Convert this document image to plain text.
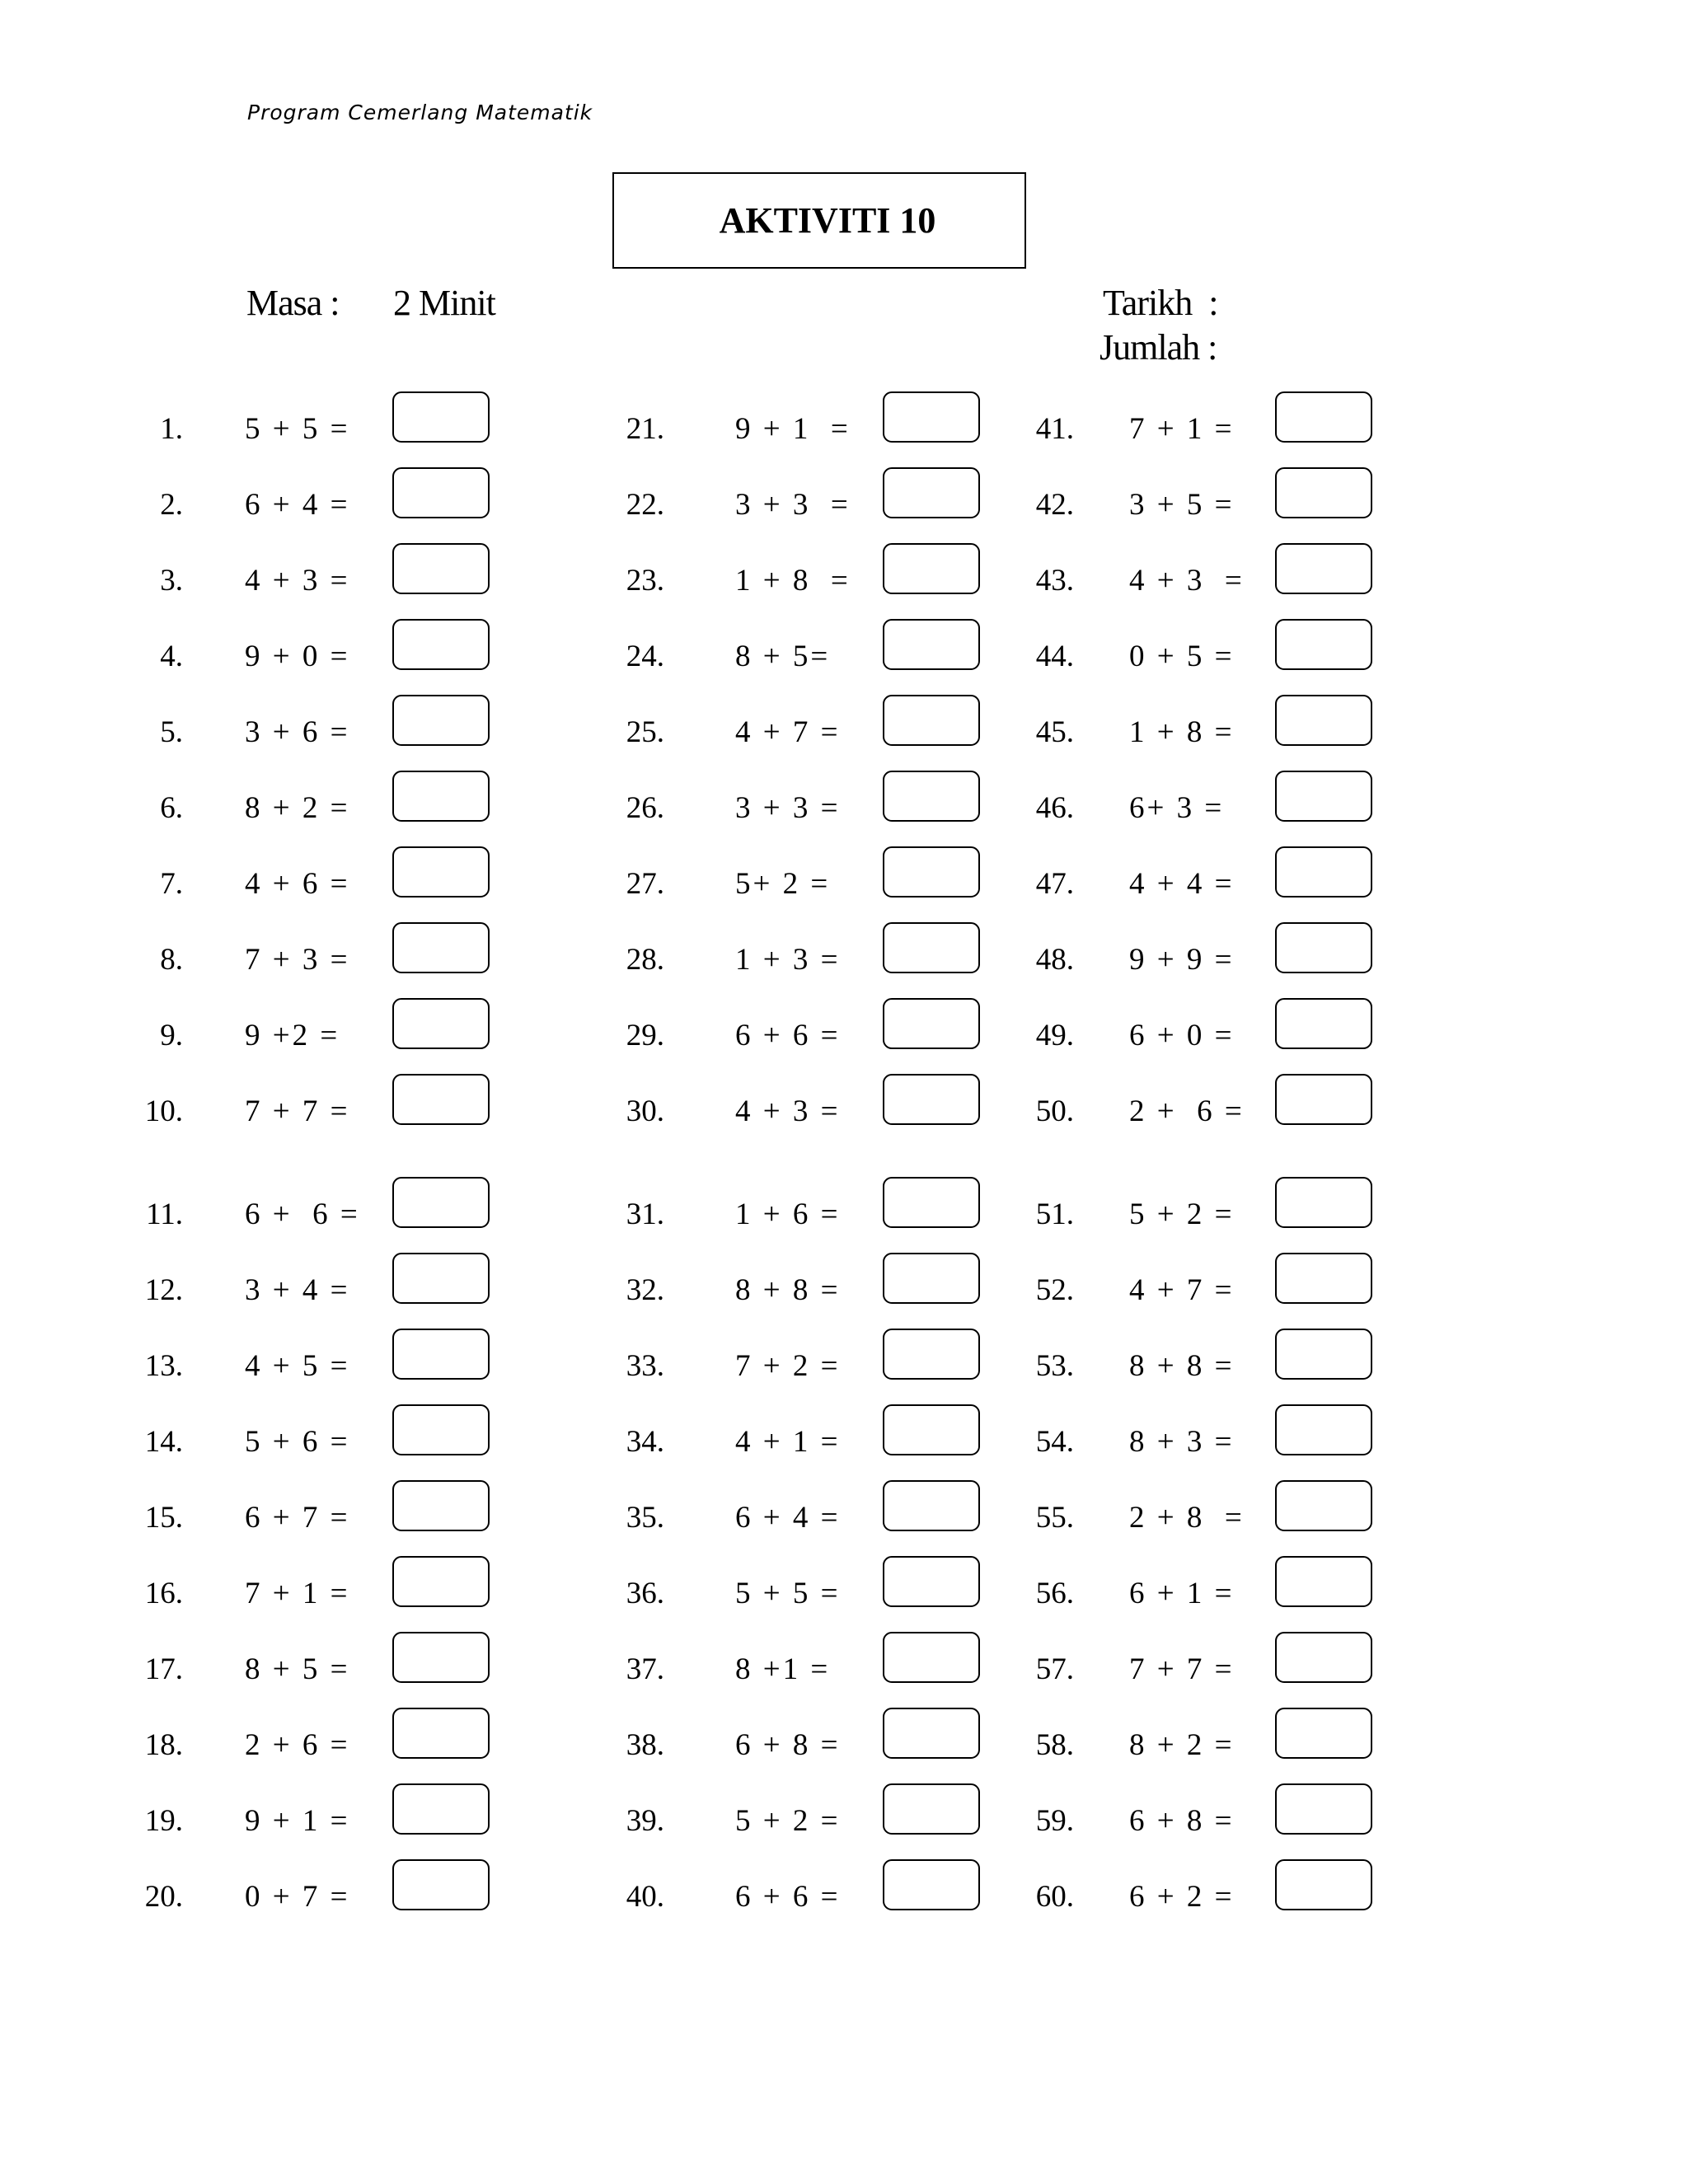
Program Cemerlang Matematik
AKTIVITI 10
Masa : 2 Minit	Tarikh  :
Jumlah :
1. 5 + 5 =
2. 6 + 4 =
3. 4 + 3 =
4. 9 + 0 =
5. 3 + 6 =
6. 8 + 2 =
7. 4 + 6 =
8. 7 + 3 =
9. 9 +2 =
10. 7 + 7 =
11. 6 +  6 =
12. 3 + 4 =
13. 4 + 5 =
14. 5 + 6 =
15. 6 + 7 =
16. 7 + 1 =
17. 8 + 5 =
18. 2 + 6 =
19. 9 + 1 =
20. 0 + 7 =
21. 9 + 1  =
22. 3 + 3  =
23. 1 + 8  =
24. 8 + 5=
25. 4 + 7 =
26. 3 + 3 =
27. 5+ 2 =
28. 1 + 3 =
29. 6 + 6 =
30. 4 + 3 =
31. 1 + 6 =
32. 8 + 8 =
33. 7 + 2 =
34. 4 + 1 =
35. 6 + 4 =
36. 5 + 5 =
37. 8 +1 =
38. 6 + 8 =
39. 5 + 2 =
40. 6 + 6 =
41. 7 + 1 =
42. 3 + 5 =
43. 4 + 3  =
44. 0 + 5 =
45. 1 + 8 =
46. 6+ 3 =
47. 4 + 4 =
48. 9 + 9 =
49. 6 + 0 =
50. 2 +  6 =
51. 5 + 2 =
52. 4 + 7 =
53. 8 + 8 =
54. 8 + 3 =
55. 2 + 8  =
56. 6 + 1 =
57. 7 + 7 =
58. 8 + 2 =
59. 6 + 8 =
60. 6 + 2 =
